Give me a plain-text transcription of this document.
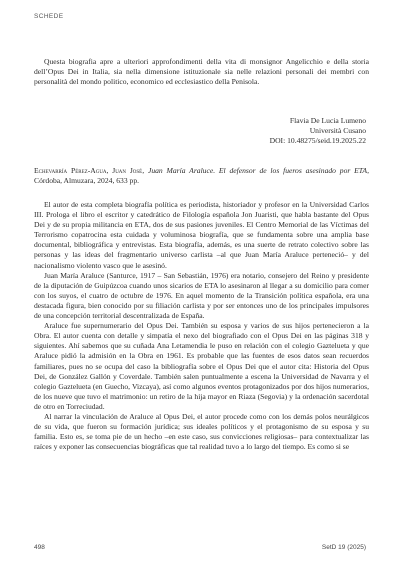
SCHEDE

Questa biografia apre a ulteriori approfondimenti della vita di monsignor Angelicchio e della storia dell’Opus Dei in Italia, sia nella dimensione istituzionale sia nelle relazioni personali dei membri con personalità del mondo politico, economico ed ecclesiastico della Penisola.

Flavia De Lucia Lumeno
Università Cusano
DOI: 10.48275/seid.19.2025.22

Echevarría Pérez-Agua, Juan José, Juan María Araluce. El defensor de los fueros asesinado por ETA, Córdoba, Almuzara, 2024, 633 pp.

El autor de esta completa biografía política es periodista, historiador y profesor en la Universidad Carlos III. Prologa el libro el escritor y catedrático de Filología española Jon Juaristi, que habla bastante del Opus Dei y de su propia militancia en ETA, dos de sus pasiones juveniles. El Centro Memorial de las Víctimas del Terrorismo copatrocina esta cuidada y voluminosa biografía, que se fundamenta sobre una amplia base documental, bibliográfica y entrevistas. Esta biografía, además, es una suerte de retrato colectivo sobre las personas y las ideas del fragmentario universo carlista –al que Juan María Araluce perteneció– y del nacionalismo violento vasco que le asesinó.

Juan María Araluce (Santurce, 1917 – San Sebastián, 1976) era notario, consejero del Reino y presidente de la diputación de Guipúzcoa cuando unos sicarios de ETA lo asesinaron al llegar a su domicilio para comer con los suyos, el cuatro de octubre de 1976. En aquel momento de la Transición política española, era una destacada figura, bien conocido por su filiación carlista y por ser entonces uno de los principales impulsores de una concepción territorial descentralizada de España.

Araluce fue supernumerario del Opus Dei. También su esposa y varios de sus hijos pertenecieron a la Obra. El autor cuenta con detalle y simpatía el nexo del biografiado con el Opus Dei en las páginas 318 y siguientes. Ahí sabemos que su cuñada Ana Letamendia le puso en relación con el colegio Gaztelueta y que Araluce pidió la admisión en la Obra en 1961. Es probable que las fuentes de esos datos sean recuerdos familiares, pues no se ocupa del caso la bibliografía sobre el Opus Dei que el autor cita: Historia del Opus Dei, de González Gallón y Coverdale. También salen puntualmente a escena la Universidad de Navarra y el colegio Gaztelueta (en Guecho, Vizcaya), así como algunos eventos protagonizados por dos hijos numerarios, de los nueve que tuvo el matrimonio: un retiro de la hija mayor en Riaza (Segovia) y la ordenación sacerdotal de otro en Torreciudad.

Al narrar la vinculación de Araluce al Opus Dei, el autor procede como con los demás polos neurálgicos de su vida, que fueron su formación jurídica; sus ideales políticos y el protagonismo de su esposa y su familia. Esto es, se toma pie de un hecho –en este caso, sus convicciones religiosas– para contextualizar las raíces y exponer las consecuencias biográficas que tal realidad tuvo a lo largo del tiempo. Es como si se

498	SetD 19 (2025)
